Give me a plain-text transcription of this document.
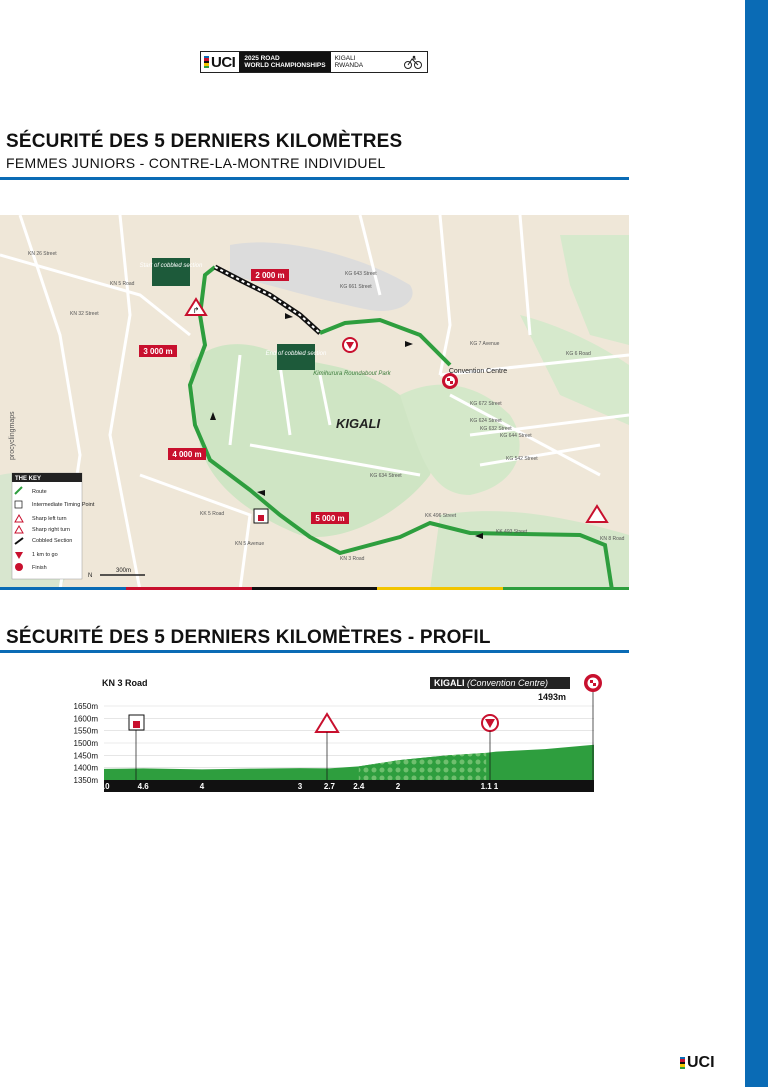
UCI 2025 ROAD
WORLD CHAMPIONSHIPS
KIGALI
RWANDA
SÉCURITÉ DES 5 DERNIERS KILOMÈTRES
FEMMES JUNIORS - CONTRE-LA-MONTRE INDIVIDUEL
2 000 m
3 000 m
4 000 m
5 000 m
Start of cobbled section
End of cobbled section
↱
KIGALI
Kimihurura Roundabout Park	Convention Centre
procyclingmaps
KN 26 Street
KN 5 Road
KN 3 Road
KG 6 Road
KN 8 Road
KG 634 Street
KK 496 Street
KK 493 Street
KG 661 Street
KG 672 Street
KG 643 Street
KG 624 Street
KG 632 Street
KG 644 Street
KG 7 Avenue
KK 5 Road
KN 5 Avenue
KG 542 Street
KN 32 Street
THE KEY
Route
Intermediate Timing Point
Sharp left turn
Sharp right turn
Cobbled Section
1 km to go
Finish
N
300m
SÉCURITÉ DES 5 DERNIERS KILOMÈTRES - PROFIL
KN 3 Road	KIGALI (Convention Centre)
1493m
1650m
1600m
1550m
1500m
1450m
1400m
1350m
5.0	4.6	4	3	2.7 2.4	2	1.1 1
UCI
